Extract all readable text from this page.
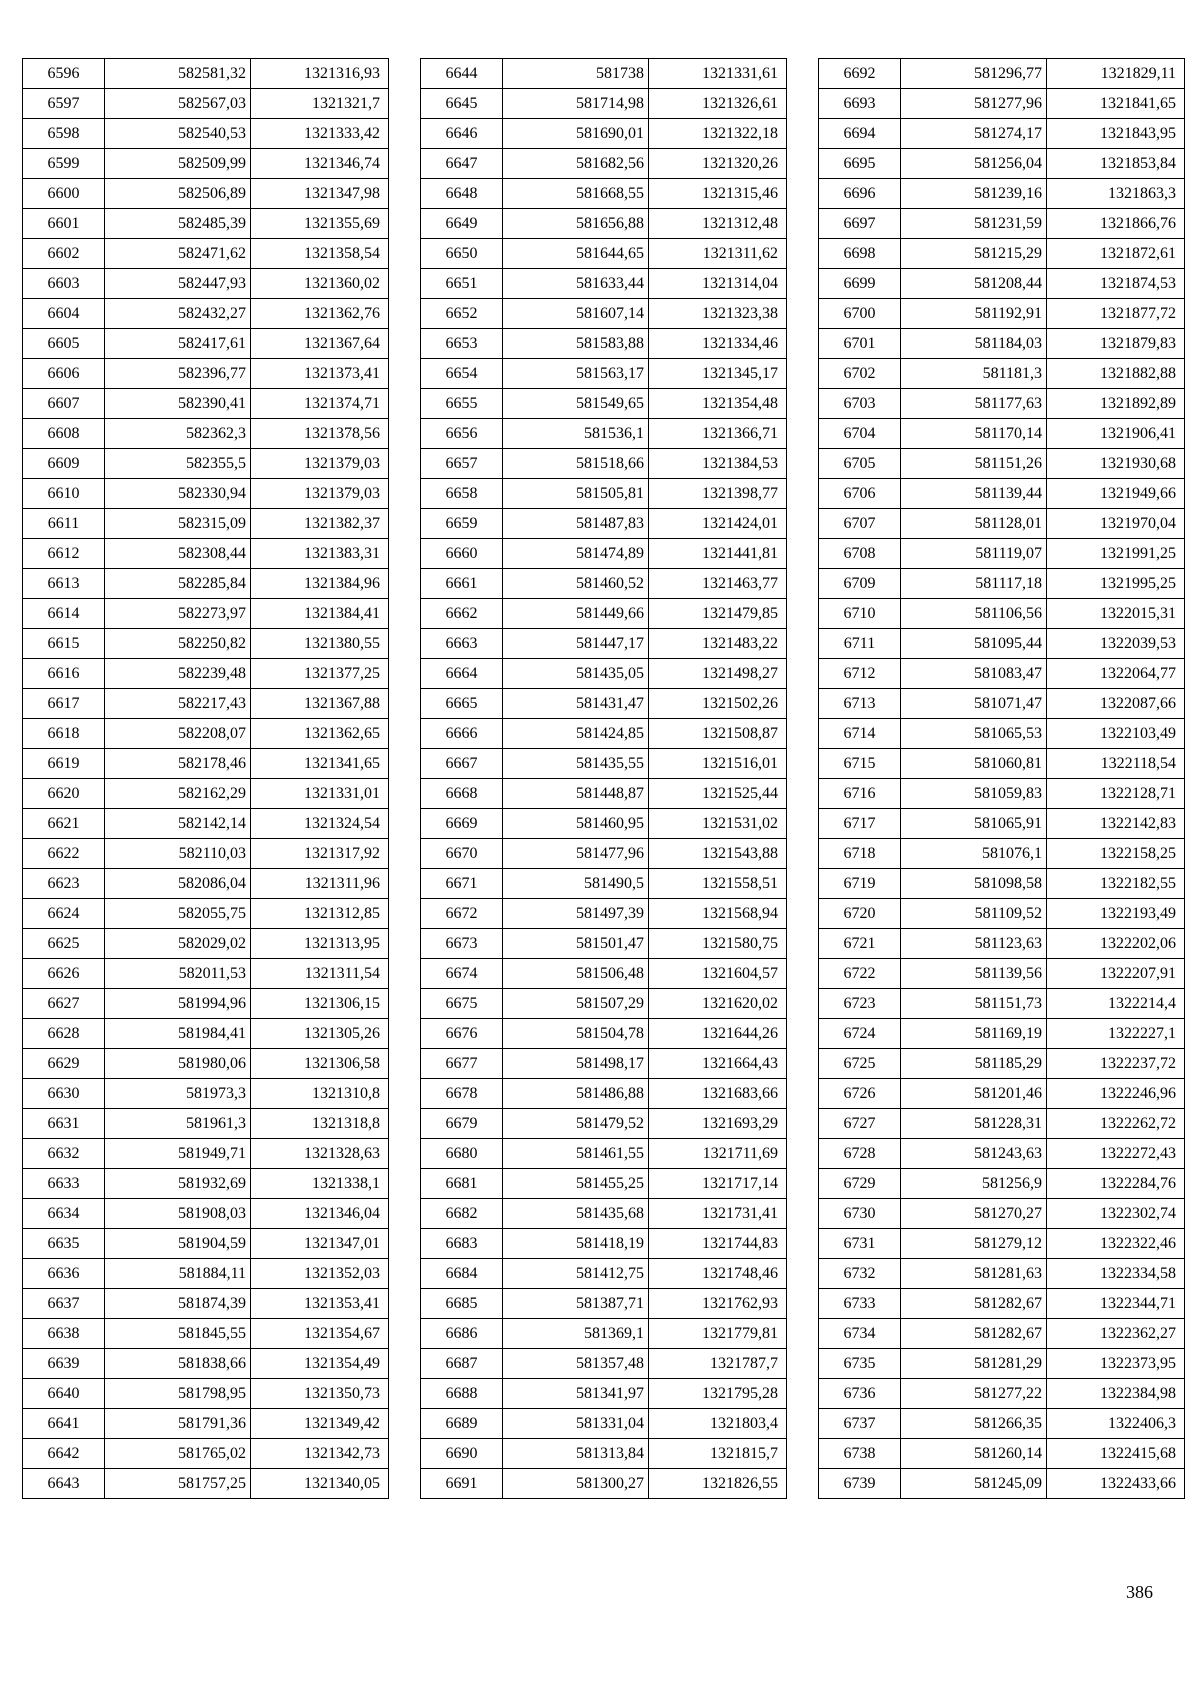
6596	582581,32	1321316,93
6597	582567,03	1321321,7
6598	582540,53	1321333,42
6599	582509,99	1321346,74
6600	582506,89	1321347,98
6601	582485,39	1321355,69
6602	582471,62	1321358,54
6603	582447,93	1321360,02
6604	582432,27	1321362,76
6605	582417,61	1321367,64
6606	582396,77	1321373,41
6607	582390,41	1321374,71
6608	582362,3	1321378,56
6609	582355,5	1321379,03
6610	582330,94	1321379,03
6611	582315,09	1321382,37
6612	582308,44	1321383,31
6613	582285,84	1321384,96
6614	582273,97	1321384,41
6615	582250,82	1321380,55
6616	582239,48	1321377,25
6617	582217,43	1321367,88
6618	582208,07	1321362,65
6619	582178,46	1321341,65
6620	582162,29	1321331,01
6621	582142,14	1321324,54
6622	582110,03	1321317,92
6623	582086,04	1321311,96
6624	582055,75	1321312,85
6625	582029,02	1321313,95
6626	582011,53	1321311,54
6627	581994,96	1321306,15
6628	581984,41	1321305,26
6629	581980,06	1321306,58
6630	581973,3	1321310,8
6631	581961,3	1321318,8
6632	581949,71	1321328,63
6633	581932,69	1321338,1
6634	581908,03	1321346,04
6635	581904,59	1321347,01
6636	581884,11	1321352,03
6637	581874,39	1321353,41
6638	581845,55	1321354,67
6639	581838,66	1321354,49
6640	581798,95	1321350,73
6641	581791,36	1321349,42
6642	581765,02	1321342,73
6643	581757,25	1321340,05
6644	581738	1321331,61
6645	581714,98	1321326,61
6646	581690,01	1321322,18
6647	581682,56	1321320,26
6648	581668,55	1321315,46
6649	581656,88	1321312,48
6650	581644,65	1321311,62
6651	581633,44	1321314,04
6652	581607,14	1321323,38
6653	581583,88	1321334,46
6654	581563,17	1321345,17
6655	581549,65	1321354,48
6656	581536,1	1321366,71
6657	581518,66	1321384,53
6658	581505,81	1321398,77
6659	581487,83	1321424,01
6660	581474,89	1321441,81
6661	581460,52	1321463,77
6662	581449,66	1321479,85
6663	581447,17	1321483,22
6664	581435,05	1321498,27
6665	581431,47	1321502,26
6666	581424,85	1321508,87
6667	581435,55	1321516,01
6668	581448,87	1321525,44
6669	581460,95	1321531,02
6670	581477,96	1321543,88
6671	581490,5	1321558,51
6672	581497,39	1321568,94
6673	581501,47	1321580,75
6674	581506,48	1321604,57
6675	581507,29	1321620,02
6676	581504,78	1321644,26
6677	581498,17	1321664,43
6678	581486,88	1321683,66
6679	581479,52	1321693,29
6680	581461,55	1321711,69
6681	581455,25	1321717,14
6682	581435,68	1321731,41
6683	581418,19	1321744,83
6684	581412,75	1321748,46
6685	581387,71	1321762,93
6686	581369,1	1321779,81
6687	581357,48	1321787,7
6688	581341,97	1321795,28
6689	581331,04	1321803,4
6690	581313,84	1321815,7
6691	581300,27	1321826,55
6692	581296,77	1321829,11
6693	581277,96	1321841,65
6694	581274,17	1321843,95
6695	581256,04	1321853,84
6696	581239,16	1321863,3
6697	581231,59	1321866,76
6698	581215,29	1321872,61
6699	581208,44	1321874,53
6700	581192,91	1321877,72
6701	581184,03	1321879,83
6702	581181,3	1321882,88
6703	581177,63	1321892,89
6704	581170,14	1321906,41
6705	581151,26	1321930,68
6706	581139,44	1321949,66
6707	581128,01	1321970,04
6708	581119,07	1321991,25
6709	581117,18	1321995,25
6710	581106,56	1322015,31
6711	581095,44	1322039,53
6712	581083,47	1322064,77
6713	581071,47	1322087,66
6714	581065,53	1322103,49
6715	581060,81	1322118,54
6716	581059,83	1322128,71
6717	581065,91	1322142,83
6718	581076,1	1322158,25
6719	581098,58	1322182,55
6720	581109,52	1322193,49
6721	581123,63	1322202,06
6722	581139,56	1322207,91
6723	581151,73	1322214,4
6724	581169,19	1322227,1
6725	581185,29	1322237,72
6726	581201,46	1322246,96
6727	581228,31	1322262,72
6728	581243,63	1322272,43
6729	581256,9	1322284,76
6730	581270,27	1322302,74
6731	581279,12	1322322,46
6732	581281,63	1322334,58
6733	581282,67	1322344,71
6734	581282,67	1322362,27
6735	581281,29	1322373,95
6736	581277,22	1322384,98
6737	581266,35	1322406,3
6738	581260,14	1322415,68
6739	581245,09	1322433,66
386
